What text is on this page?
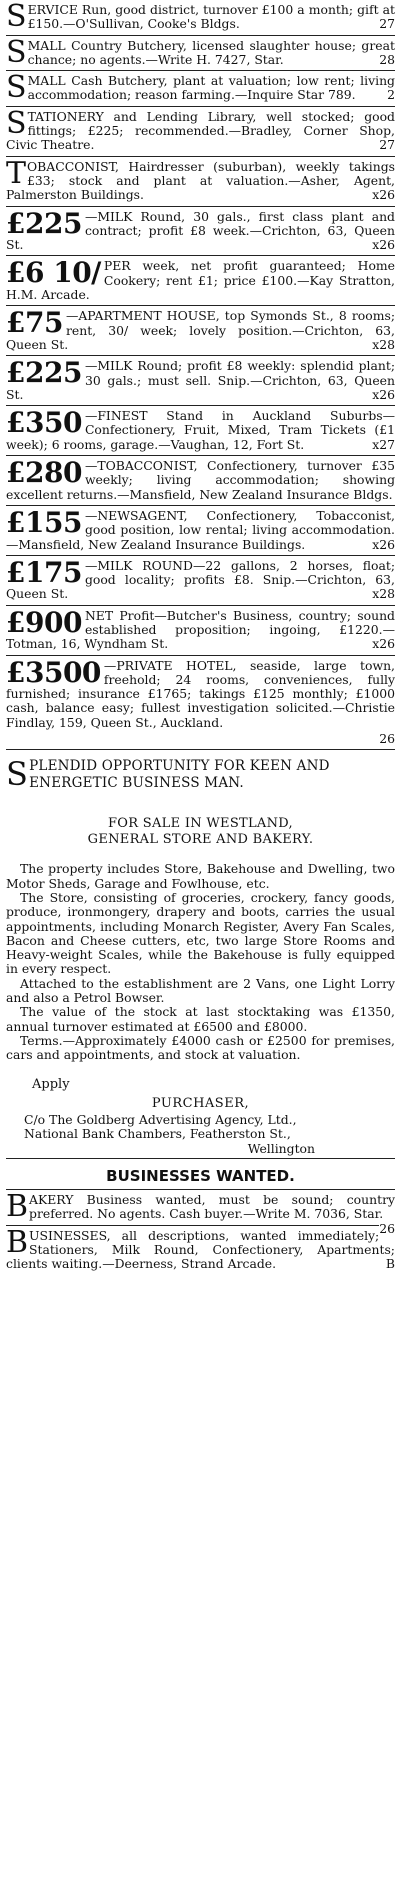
SERVICE Run, good district, turnover £100 a month; gift at £150.—O'Sullivan, Cooke's Bldgs.	27

SMALL Country Butchery, licensed slaughter house; great chance; no agents.—Write H. 7427, Star.	28

SMALL Cash Butchery, plant at valuation; low rent; living accommodation; reason farming.—Inquire Star 789.	2

STATIONERY and Lending Library, well stocked; good fittings; £225; recommended.—Bradley, Corner Shop, Civic Theatre.	27

TOBACCONIST, Hairdresser (suburban), weekly takings £33; stock and plant at valuation.—Asher, Agent, Palmerston Buildings.	x26

£225 —MILK Round, 30 gals., first class plant and contract; profit £8 week.—Crichton, 63, Queen St.	x26

£6 10/ PER week, net profit guaranteed; Home Cookery; rent £1; price £100.—Kay Stratton, H.M. Arcade.

£75 —APARTMENT HOUSE, top Symonds St., 8 rooms; rent, 30/ week; lovely position.—Crichton, 63, Queen St.	x28

£225 —MILK Round; profit £8 weekly: splendid plant; 30 gals.; must sell. Snip.—Crichton, 63, Queen St.	x26

£350 —FINEST Stand in Auckland Suburbs—Confectionery, Fruit, Mixed, Tram Tickets (£1 week); 6 rooms, garage.—Vaughan, 12, Fort St.	x27

£280 —TOBACCONIST, Confectionery, turnover £35 weekly; living accommodation; showing excellent returns.—Mansfield, New Zealand Insurance Bldgs.

£155 —NEWSAGENT, Confectionery, Tobacconist, good position, low rental; living accommodation.—Mansfield, New Zealand Insurance Buildings.	x26

£175 —MILK ROUND—22 gallons, 2 horses, float; good locality; profits £8. Snip.—Crichton, 63, Queen St.	x28

£900 NET Profit—Butcher's Business, country; sound established proposition; ingoing, £1220.—Totman, 16, Wyndham St.	x26

£3500 —PRIVATE HOTEL, seaside, large town, freehold; 24 rooms, conveniences, fully furnished; insurance £1765; takings £125 monthly; £1000 cash, balance easy; fullest investigation solicited.—Christie Findlay, 159, Queen St., Auckland.

26

SPLENDID OPPORTUNITY FOR KEEN AND ENERGETIC BUSINESS MAN.

FOR SALE IN WESTLAND,
GENERAL STORE AND BAKERY.

The property includes Store, Bakehouse and Dwelling, two Motor Sheds, Garage and Fowlhouse, etc.

The Store, consisting of groceries, crockery, fancy goods, produce, ironmongery, drapery and boots, carries the usual appointments, including Monarch Register, Avery Fan Scales, Bacon and Cheese cutters, etc, two large Store Rooms and Heavy-weight Scales, while the Bakehouse is fully equipped in every respect.

Attached to the establishment are 2 Vans, one Light Lorry and also a Petrol Bowser.

The value of the stock at last stocktaking was £1350, annual turnover estimated at £6500 and £8000.

Terms.—Approximately £4000 cash or £2500 for premises, cars and appointments, and stock at valuation.

Apply
PURCHASER,
C/o The Goldberg Advertising Agency, Ltd.,
National Bank Chambers, Featherston St.,
Wellington
BUSINESSES WANTED.

BAKERY Business wanted, must be sound; country preferred. No agents. Cash buyer.—Write M. 7036, Star.
26

BUSINESSES, all descriptions, wanted immediately; Stationers, Milk Round, Confectionery, Apartments; clients waiting.—Deerness, Strand Arcade.	B
